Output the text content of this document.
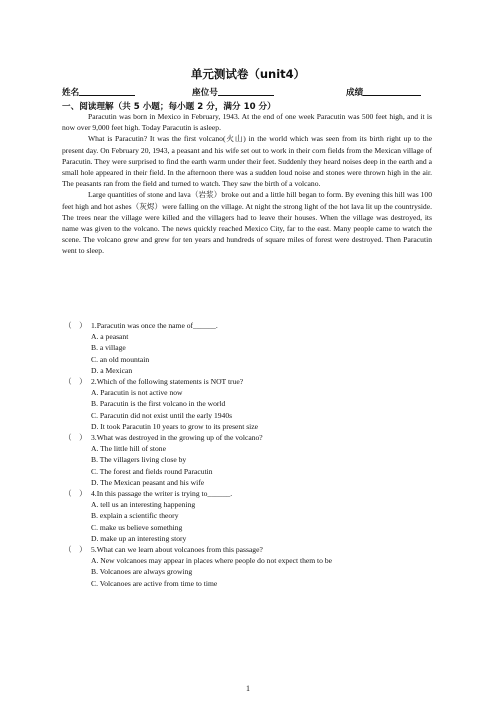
单元测试卷（unit4）
姓名	座位号	成绩
一、阅读理解（共 5 小题；每小题 2 分，满分 10 分）

Paracutin was born in Mexico in February, 1943. At the end of one week Paracutin was 500 feet high, and it is now over 9,000 feet high. Today Paracutin is asleep.

What is Paracutin? It was the first volcano(火山) in the world which was seen from its birth right up to the present day. On February 20, 1943, a peasant and his wife set out to work in their corn fields from the Mexican village of Paracutin. They were surprised to find the earth warm under their feet. Suddenly they heard noises deep in the earth and a small hole appeared in their field. In the afternoon there was a sudden loud noise and stones were thrown high in the air. The peasants ran from the field and turned to watch. They saw the birth of a volcano.

Large quantities of stone and lava（岩浆）broke out and a little hill began to form. By evening this hill was 100 feet high and hot ashes（灰烬）were falling on the village. At night the strong light of the hot lava lit up the countryside. The trees near the village were killed and the villagers had to leave their houses. When the village was destroyed, its name was given to the volcano. The news quickly reached Mexico City, far to the east. Many people came to watch the scene. The volcano grew and grew for ten years and hundreds of square miles of forest were destroyed. Then Paracutin went to sleep.

（　） 1.Paracutin was once the name of______.
A. a peasant
B. a village
C. an old mountain
D. a Mexican
（　） 2.Which of the following statements is NOT true?
A. Paracutin is not active now
B. Paracutin is the first volcano in the world
C. Paracutin did not exist until the early 1940s
D. It took Paracutin 10 years to grow to its present size
（　） 3.What was destroyed in the growing up of the volcano?
A. The little hill of stone
B. The villagers living close by
C. The forest and fields round Paracutin
D. The Mexican peasant and his wife
（　） 4.In this passage the writer is trying to______.
A. tell us an interesting happening
B. explain a scientific theory
C. make us believe something
D. make up an interesting story
（　） 5.What can we learn about volcanoes from this passage?
A. New volcanoes may appear in places where people do not expect them to be
B. Volcanoes are always growing
C. Volcanoes are active from time to time
1
